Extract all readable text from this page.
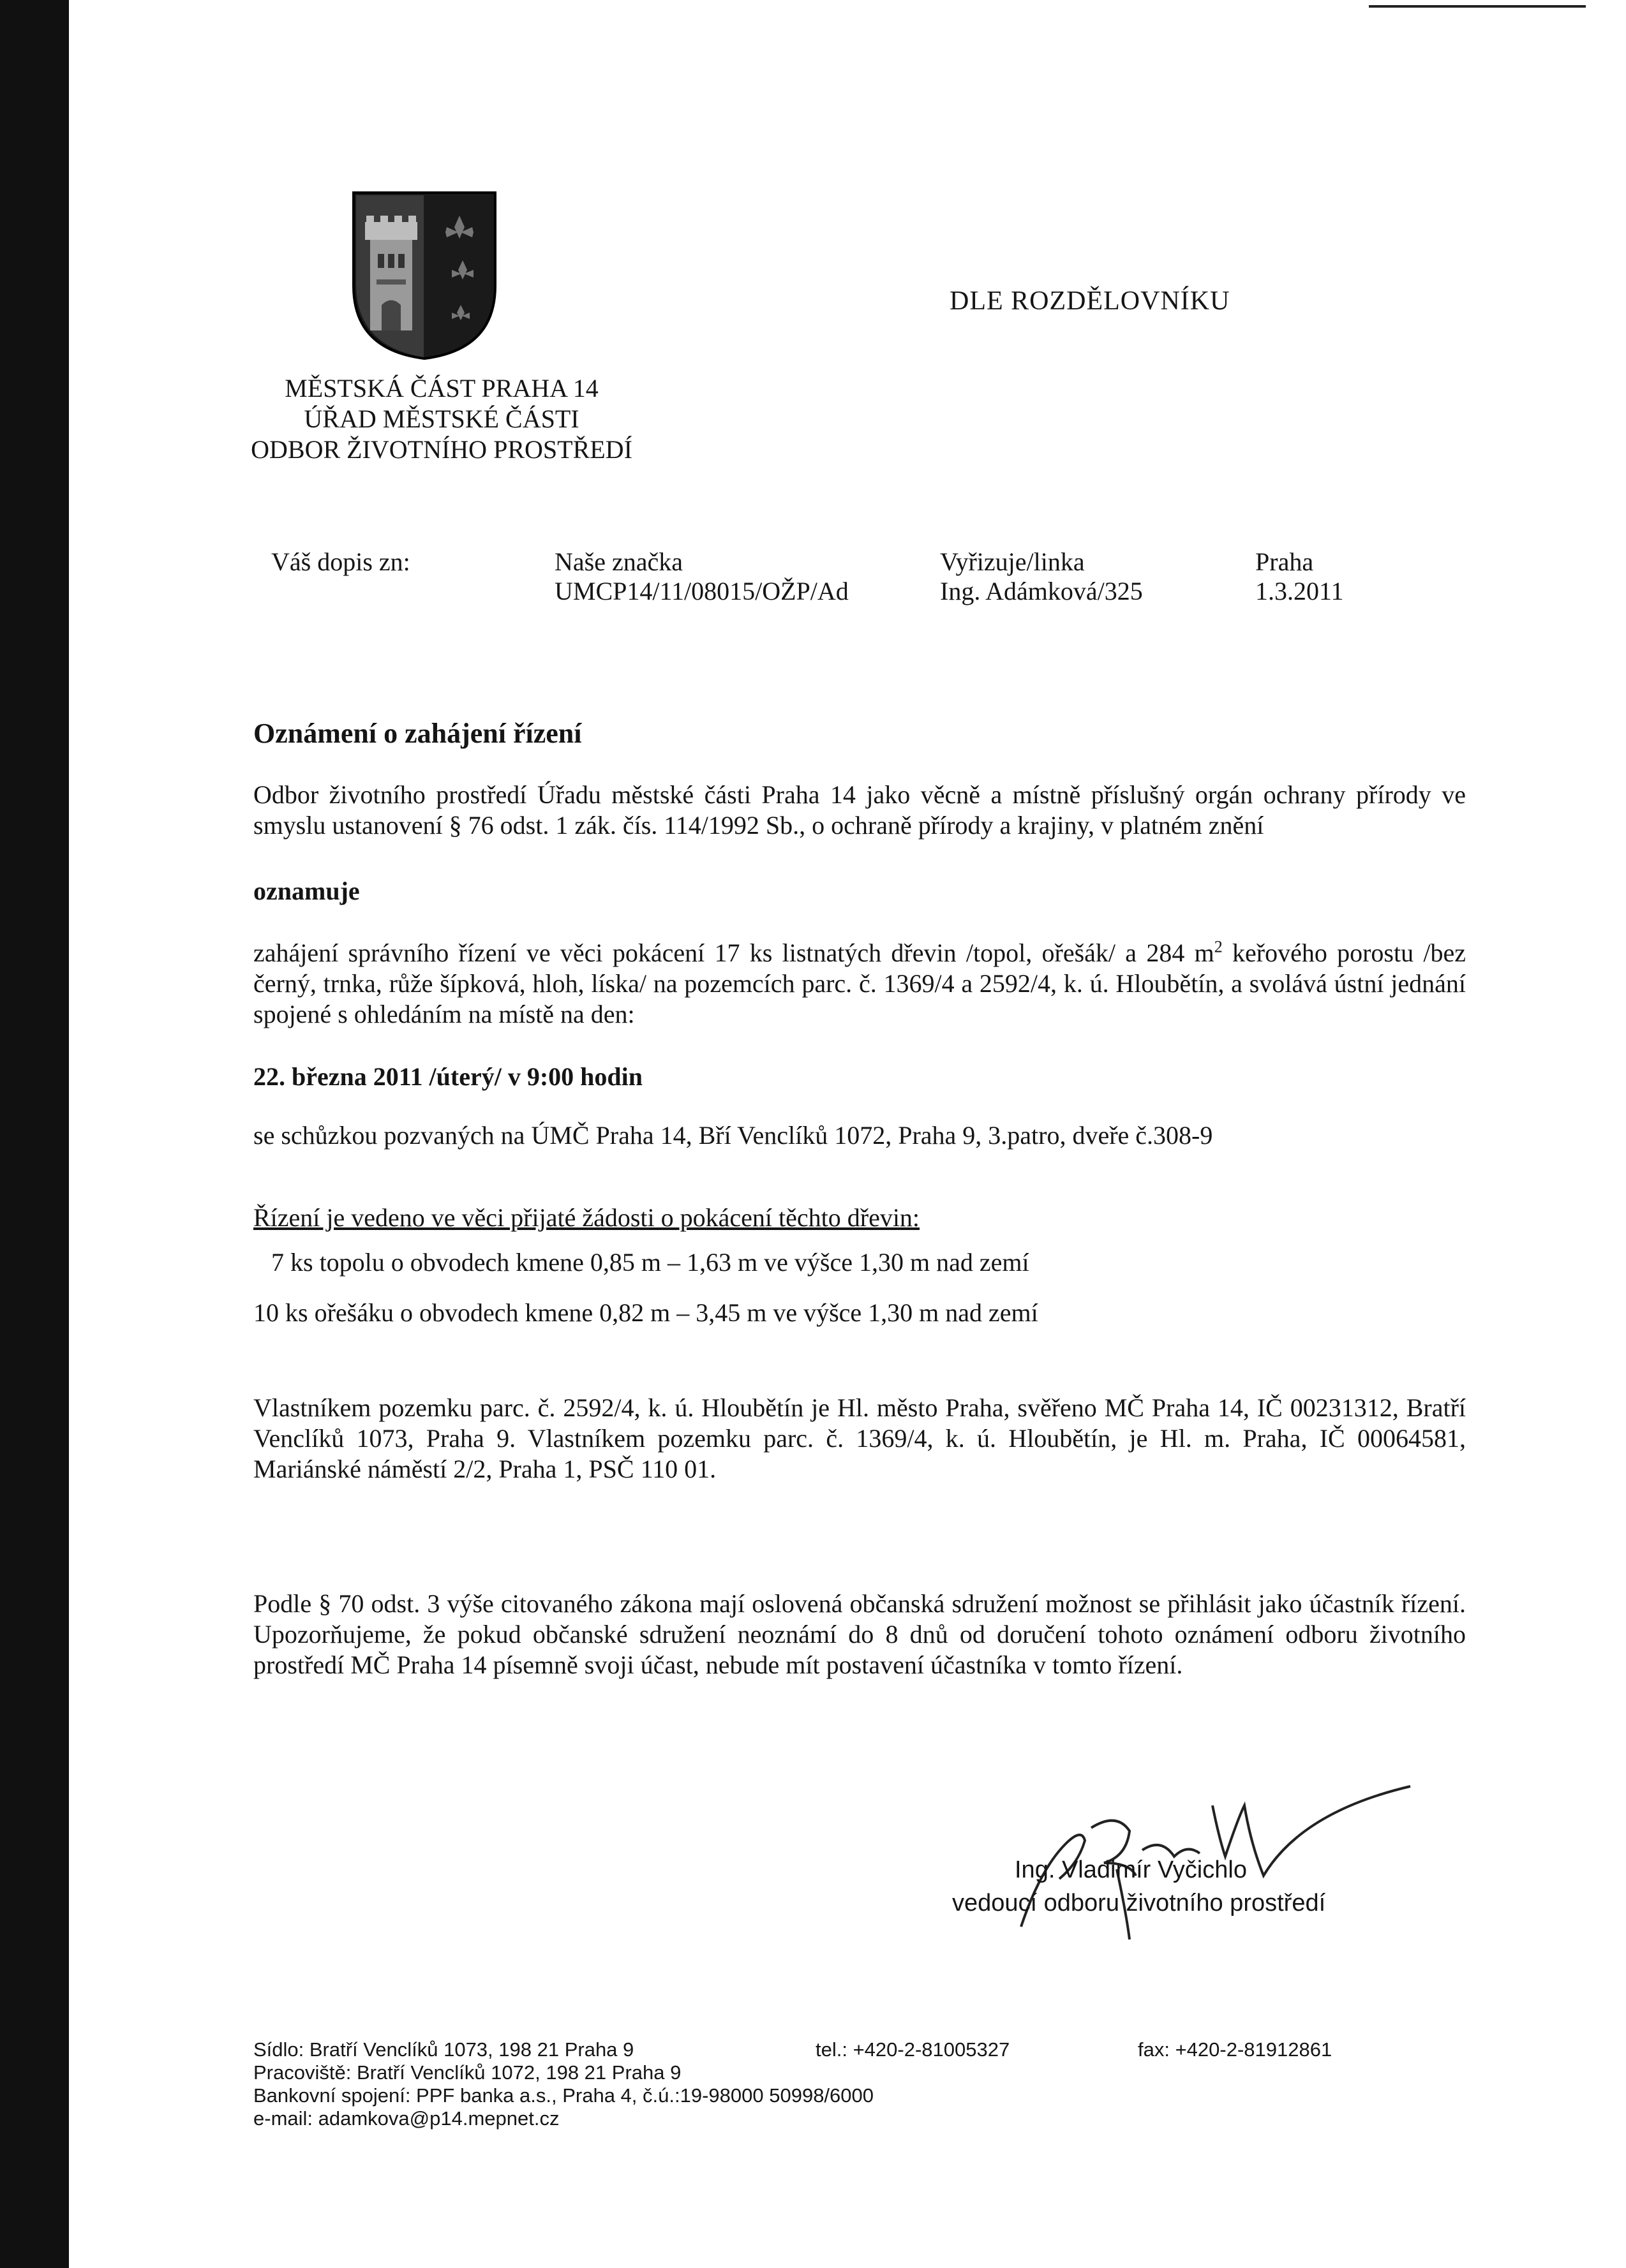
DLE ROZDĚLOVNÍKU
MĚSTSKÁ ČÁST PRAHA 14
ÚŘAD MĚSTSKÉ ČÁSTI
ODBOR ŽIVOTNÍHO PROSTŘEDÍ
Váš dopis zn:	Naše značka
UMCP14/11/08015/OŽP/Ad
Vyřizuje/linka
Ing. Adámková/325
Praha
1.3.2011
Oznámení o zahájení řízení
Odbor životního prostředí Úřadu městské části Praha 14 jako věcně a místně příslušný orgán ochrany přírody ve smyslu ustanovení § 76 odst. 1 zák. čís. 114/1992 Sb., o ochraně přírody a krajiny, v platném znění
oznamuje
zahájení správního řízení ve věci pokácení 17 ks listnatých dřevin /topol, ořešák/ a 284 $m^2$ keřového porostu /bez černý, trnka, růže šípková, hloh, líska/ na pozemcích parc. č. 1369/4 a 2592/4, k. ú. Hloubětín, a svolává ústní jednání spojené s ohledáním na místě na den:
22. března 2011 /úterý/ v 9:00 hodin
se schůzkou pozvaných na ÚMČ Praha 14, Bří Venclíků 1072, Praha 9, 3.patro, dveře č.308-9
Řízení je vedeno ve věci přijaté žádosti o pokácení těchto dřevin:
7 ks topolu o obvodech kmene 0,85 m – 1,63 m ve výšce 1,30 m nad zemí
10 ks ořešáku o obvodech kmene 0,82 m – 3,45 m ve výšce 1,30 m nad zemí
Vlastníkem pozemku parc. č. 2592/4, k. ú. Hloubětín je Hl. město Praha, svěřeno MČ Praha 14, IČ 00231312, Bratří Venclíků 1073, Praha 9. Vlastníkem pozemku parc. č. 1369/4, k. ú. Hloubětín, je Hl. m. Praha, IČ 00064581, Mariánské náměstí 2/2, Praha 1, PSČ 110 01.
Podle § 70 odst. 3 výše citovaného zákona mají oslovená občanská sdružení možnost se přihlásit jako účastník řízení. Upozorňujeme, že pokud občanské sdružení neoznámí do 8 dnů od doručení tohoto oznámení odboru životního prostředí MČ Praha 14 písemně svoji účast, nebude mít postavení účastníka v tomto řízení.
Ing. Vladimír Vyčichlo
vedoucí odboru životního prostředí
Sídlo: Bratří Venclíků 1073, 198 21 Praha 9
Pracoviště: Bratří Venclíků 1072, 198 21 Praha 9
Bankovní spojení: PPF banka a.s., Praha 4, č.ú.:19-98000 50998/6000
e-mail: adamkova@p14.mepnet.cz
tel.: +420-2-81005327	fax: +420-2-81912861
